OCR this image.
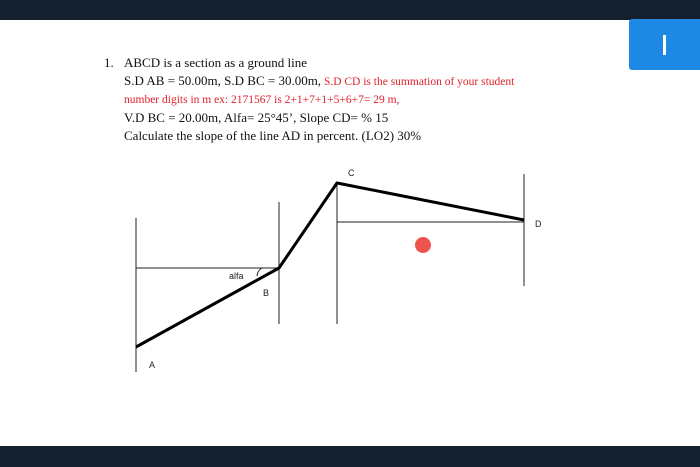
1. ABCD is a section as a ground line
S.D AB = 50.00m, S.D BC = 30.00m, S.D CD is the summation of your student
number digits in m ex: 2171567 is 2+1+7+1+5+6+7= 29 m,
V.D BC = 20.00m, Alfa= 25°45’, Slope CD= % 15
Calculate the slope of the line AD in percent. (LO2) 30%
A
B
C
D
alfa
